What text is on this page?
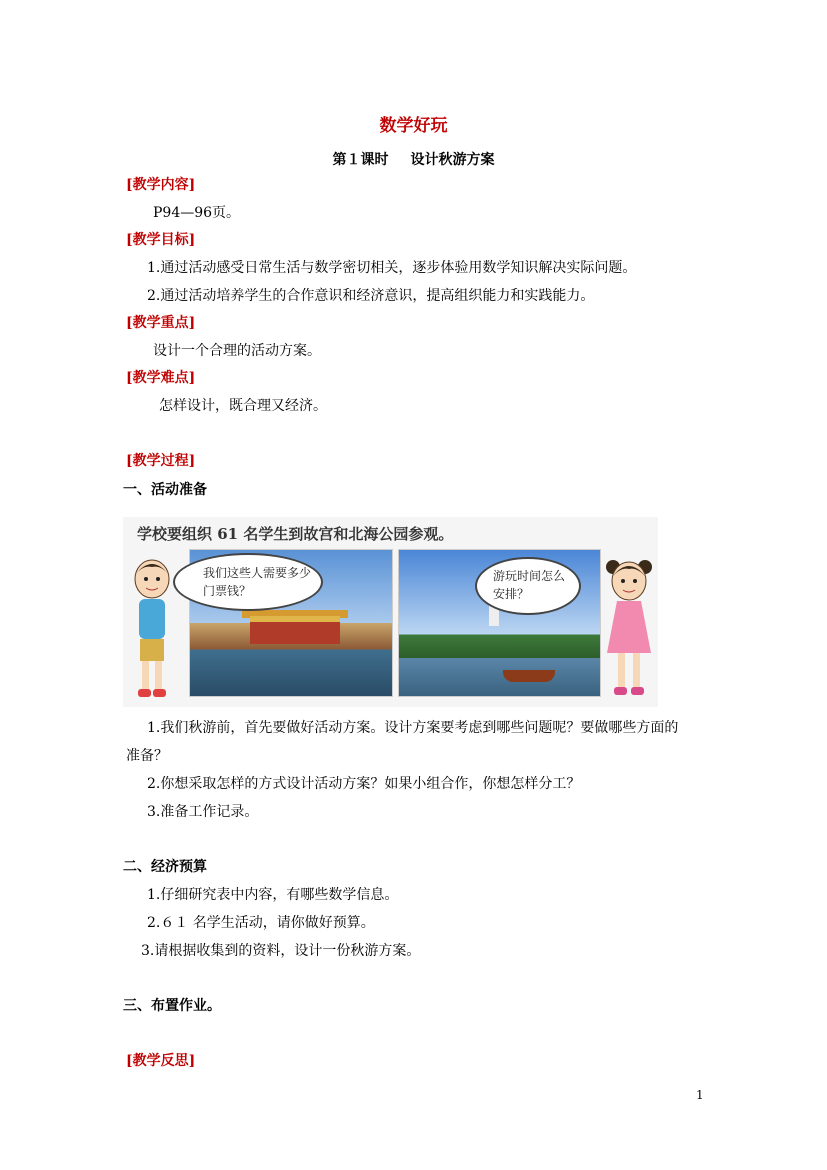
数学好玩
第１课时 设计秋游方案
[教学内容]
P94—96页。
[教学目标]
1.通过活动感受日常生活与数学密切相关，逐步体验用数学知识解决实际问题。
2.通过活动培养学生的合作意识和经济意识，提高组织能力和实践能力。
[教学重点]
设计一个合理的活动方案。
[教学难点]
怎样设计，既合理又经济。
[教学过程]
一、活动准备
学校要组织 61 名学生到故宫和北海公园参观。
我们这些人需要多少门票钱？
游玩时间怎么安排？
1.我们秋游前，首先要做好活动方案。设计方案要考虑到哪些问题呢？要做哪些方面的
准备？
2.你想采取怎样的方式设计活动方案？如果小组合作，你想怎样分工？
3.准备工作记录。
二、经济预算
1.仔细研究表中内容，有哪些数学信息。
2.６１ 名学生活动，请你做好预算。
3.请根据收集到的资料，设计一份秋游方案。
三、布置作业。
[教学反思]
1
